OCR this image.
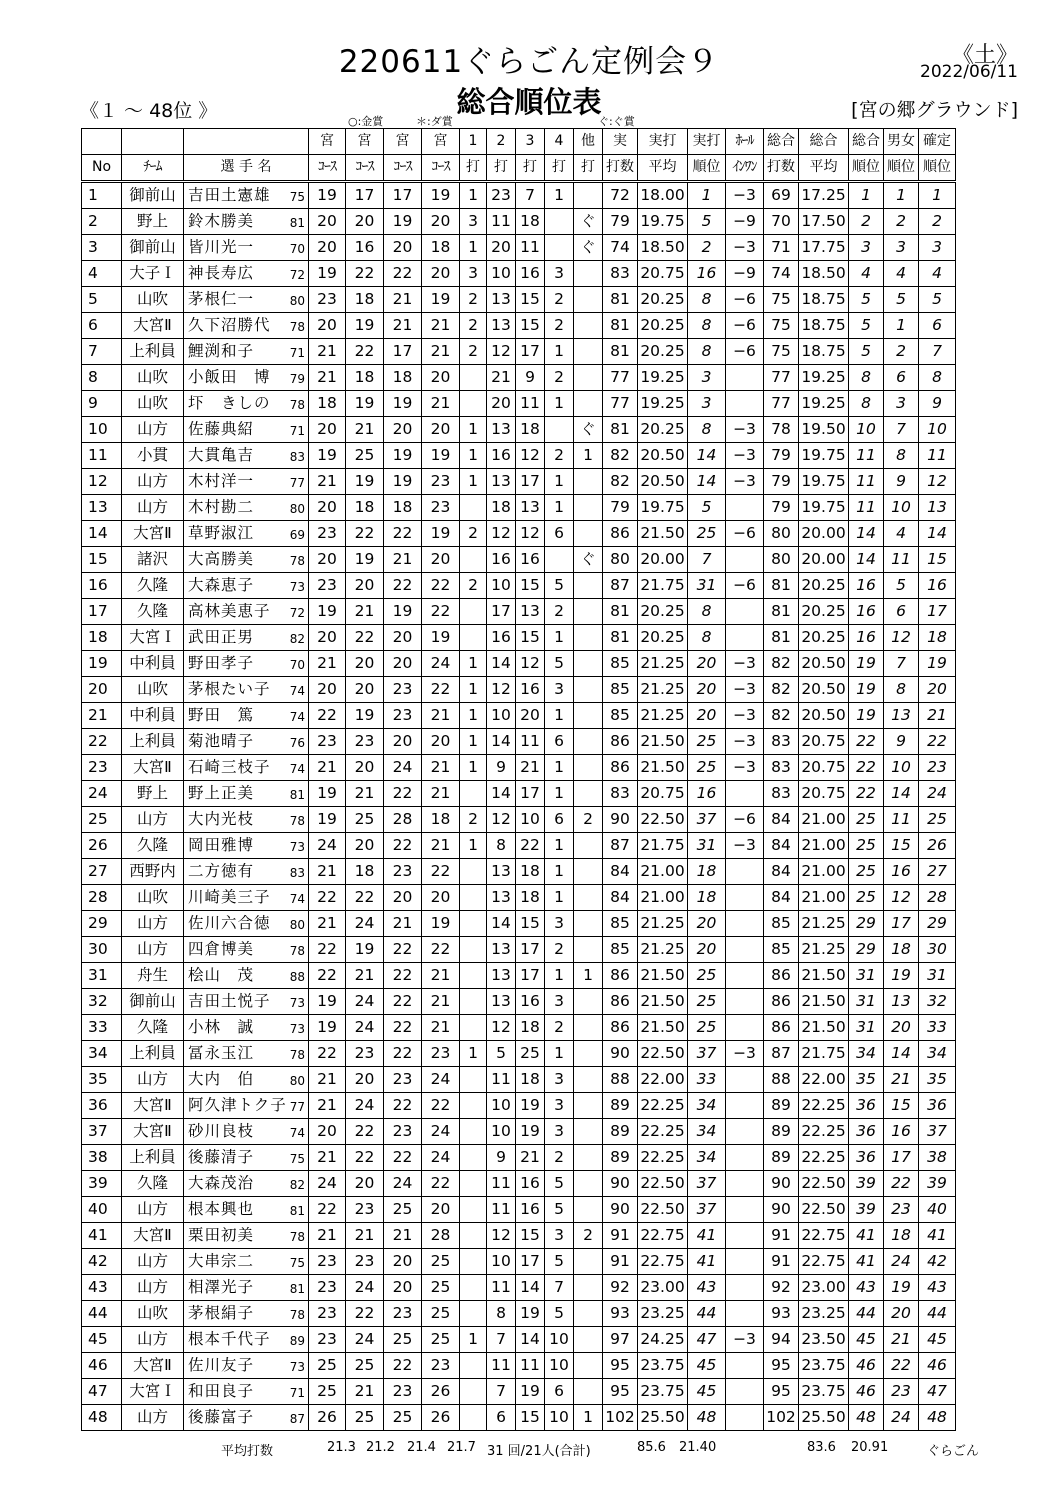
220611ぐらごん定例会９	《土》
2022/06/11
総合順位表
《１ ～ 48位 》	[宮の郷グラウンド]
○:金賞	＊:ダ賞	ぐ:ぐ賞
			宮	宮	宮	宮	1	2	3	4	他	実	実打	実打	ﾎｰﾙ	総合	総合	総合	男女	確定
No	ﾁｰﾑ	選 手 名	ｺｰｽ	ｺｰｽ	ｺｰｽ	ｺｰｽ	打	打	打	打	打	打数	平均	順位	ｲﾝﾜﾝ	打数	平均	順位	順位	順位
1	御前山	吉田土憲雄 75	19	17	17	19	1	23	7	1		72	18.00	1	−3	69	17.25	1	1	1
2	野上	鈴木勝美 81	20	20	19	20	3	11	18		ぐ	79	19.75	5	−9	70	17.50	2	2	2
3	御前山	皆川光一 70	20	16	20	18	1	20	11		ぐ	74	18.50	2	−3	71	17.75	3	3	3
4	大子Ｉ	神長寿広 72	19	22	22	20	3	10	16	3		83	20.75	16	−9	74	18.50	4	4	4
5	山吹	茅根仁一 80	23	18	21	19	2	13	15	2		81	20.25	8	−6	75	18.75	5	5	5
6	大宮Ⅱ	久下沼勝代 78	20	19	21	21	2	13	15	2		81	20.25	8	−6	75	18.75	5	1	6
7	上利員	鯉渕和子 71	21	22	17	21	2	12	17	1		81	20.25	8	−6	75	18.75	5	2	7
8	山吹	小飯田　博 79	21	18	18	20		21	9	2		77	19.25	3		77	19.25	8	6	8
9	山吹	圷　きしの 78	18	19	19	21		20	11	1		77	19.25	3		77	19.25	8	3	9
10	山方	佐藤典紹 71	20	21	20	20	1	13	18		ぐ	81	20.25	8	−3	78	19.50	10	7	10
11	小貫	大貫亀吉 83	19	25	19	19	1	16	12	2	1	82	20.50	14	−3	79	19.75	11	8	11
12	山方	木村洋一 77	21	19	19	23	1	13	17	1		82	20.50	14	−3	79	19.75	11	9	12
13	山方	木村勘二 80	20	18	18	23		18	13	1		79	19.75	5		79	19.75	11	10	13
14	大宮Ⅱ	草野淑江 69	23	22	22	19	2	12	12	6		86	21.50	25	−6	80	20.00	14	4	14
15	諸沢	大高勝美 78	20	19	21	20		16	16		ぐ	80	20.00	7		80	20.00	14	11	15
16	久隆	大森恵子 73	23	20	22	22	2	10	15	5		87	21.75	31	−6	81	20.25	16	5	16
17	久隆	高林美恵子 72	19	21	19	22		17	13	2		81	20.25	8		81	20.25	16	6	17
18	大宮Ｉ	武田正男 82	20	22	20	19		16	15	1		81	20.25	8		81	20.25	16	12	18
19	中利員	野田孝子 70	21	20	20	24	1	14	12	5		85	21.25	20	−3	82	20.50	19	7	19
20	山吹	茅根たい子 74	20	20	23	22	1	12	16	3		85	21.25	20	−3	82	20.50	19	8	20
21	中利員	野田　篤 74	22	19	23	21	1	10	20	1		85	21.25	20	−3	82	20.50	19	13	21
22	上利員	菊池晴子 76	23	23	20	20	1	14	11	6		86	21.50	25	−3	83	20.75	22	9	22
23	大宮Ⅱ	石崎三枝子 74	21	20	24	21	1	9	21	1		86	21.50	25	−3	83	20.75	22	10	23
24	野上	野上正美 81	19	21	22	21		14	17	1		83	20.75	16		83	20.75	22	14	24
25	山方	大内光枝 78	19	25	28	18	2	12	10	6	2	90	22.50	37	−6	84	21.00	25	11	25
26	久隆	岡田雅博 73	24	20	22	21	1	8	22	1		87	21.75	31	−3	84	21.00	25	15	26
27	西野内	二方徳有 83	21	18	23	22		13	18	1		84	21.00	18		84	21.00	25	16	27
28	山吹	川崎美三子 74	22	22	20	20		13	18	1		84	21.00	18		84	21.00	25	12	28
29	山方	佐川六合徳 80	21	24	21	19		14	15	3		85	21.25	20		85	21.25	29	17	29
30	山方	四倉博美 78	22	19	22	22		13	17	2		85	21.25	20		85	21.25	29	18	30
31	舟生	桧山　茂 88	22	21	22	21		13	17	1	1	86	21.50	25		86	21.50	31	19	31
32	御前山	吉田土悦子 73	19	24	22	21		13	16	3		86	21.50	25		86	21.50	31	13	32
33	久隆	小林　誠 73	19	24	22	21		12	18	2		86	21.50	25		86	21.50	31	20	33
34	上利員	冨永玉江 78	22	23	22	23	1	5	25	1		90	22.50	37	−3	87	21.75	34	14	34
35	山方	大内　伯 80	21	20	23	24		11	18	3		88	22.00	33		88	22.00	35	21	35
36	大宮Ⅱ	阿久津トク子 77	21	24	22	22		10	19	3		89	22.25	34		89	22.25	36	15	36
37	大宮Ⅱ	砂川良枝 74	20	22	23	24		10	19	3		89	22.25	34		89	22.25	36	16	37
38	上利員	後藤清子 75	21	22	22	24		9	21	2		89	22.25	34		89	22.25	36	17	38
39	久隆	大森茂治 82	24	20	24	22		11	16	5		90	22.50	37		90	22.50	39	22	39
40	山方	根本興也 81	22	23	25	20		11	16	5		90	22.50	37		90	22.50	39	23	40
41	大宮Ⅱ	栗田初美 78	21	21	21	28		12	15	3	2	91	22.75	41		91	22.75	41	18	41
42	山方	大串宗二 75	23	23	20	25		10	17	5		91	22.75	41		91	22.75	41	24	42
43	山方	相澤光子 81	23	24	20	25		11	14	7		92	23.00	43		92	23.00	43	19	43
44	山吹	茅根絹子 78	23	22	23	25		8	19	5		93	23.25	44		93	23.25	44	20	44
45	山方	根本千代子 89	23	24	25	25	1	7	14	10		97	24.25	47	−3	94	23.50	45	21	45
46	大宮Ⅱ	佐川友子 73	25	25	22	23		11	11	10		95	23.75	45		95	23.75	46	22	46
47	大宮Ｉ	和田良子 71	25	21	23	26		7	19	6		95	23.75	45		95	23.75	46	23	47
48	山方	後藤富子 87	26	25	25	26		6	15	10	1	102	25.50	48		102	25.50	48	24	48
平均打数	21.3 21.2 21.4 21.7 31 回/21人(合計)	85.6 21.40	83.6 20.91	ぐらごん
